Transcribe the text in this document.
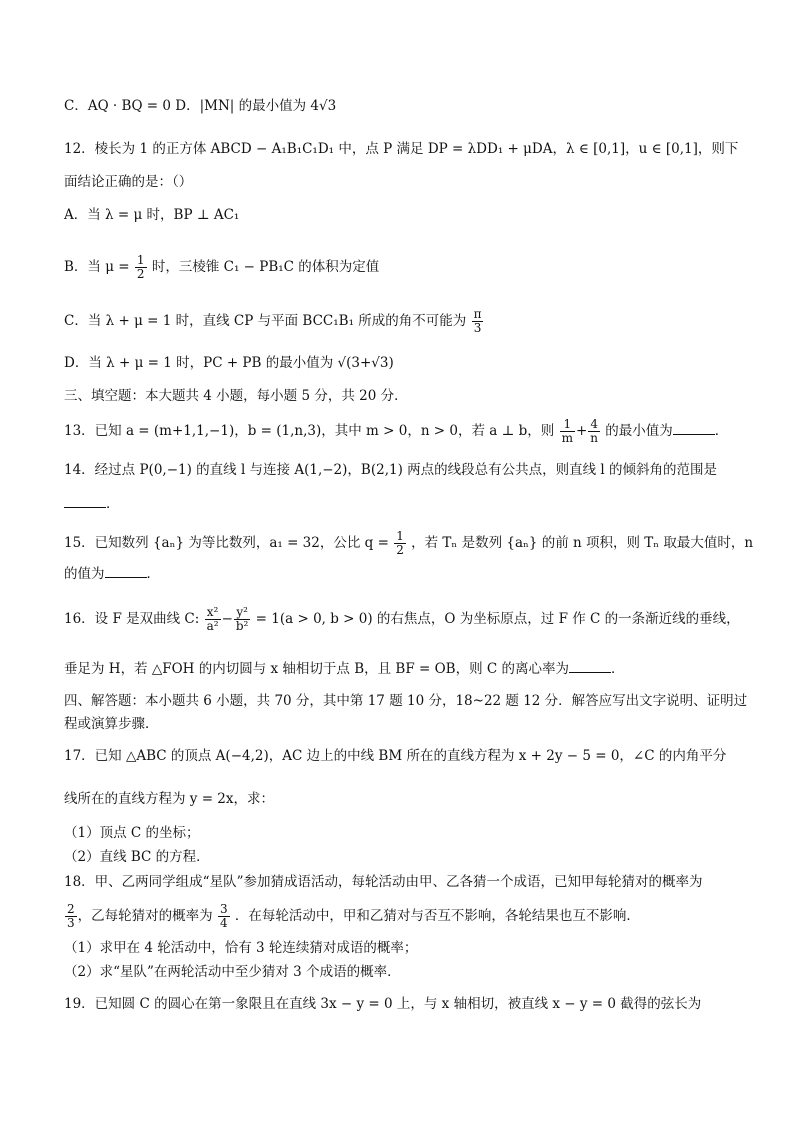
C．AQ · BQ = 0 D．|MN| 的最小值为 4√3
12．棱长为 1 的正方体 ABCD − A₁B₁C₁D₁ 中，点 P 满足 DP = λDD₁ + μDA，λ ∈ [0,1]，u ∈ [0,1]，则下
面结论正确的是：（）
A．当 λ = μ 时，BP ⊥ AC₁
B．当 $\mu = \frac{1}{2}$ 时，三棱锥 C₁ − PB₁C 的体积为定值
C．当 λ + μ = 1 时，直线 CP 与平面 BCC₁B₁ 所成的角不可能为 $\frac{\pi}{3}$
D．当 λ + μ = 1 时，PC + PB 的最小值为 √(3+√3)
三、填空题：本大题共 4 小题，每小题 5 分，共 20 分．
13．已知 a = (m+1,1,−1)，b = (1,n,3)，其中 m > 0，n > 0，若 a ⊥ b，则 $\frac{1}{m} + \frac{4}{n}$ 的最小值为	．
14．经过点 P(0,−1) 的直线 l 与连接 A(1,−2)，B(2,1) 两点的线段总有公共点，则直线 l 的倾斜角的范围是
．
15．已知数列 {aₙ} 为等比数列，a₁ = 32，公比 $q = \frac{1}{2}$ ，若 Tₙ 是数列 {aₙ} 的前 n 项积，则 Tₙ 取最大值时，n
的值为	．
16．设 F 是双曲线 C: $\frac{\text{x²}}{\text{a²}} - \frac{\text{y²}}{\text{b²}} = 1(a > 0$, b > 0) 的右焦点，O 为坐标原点，过 F 作 C 的一条渐近线的垂线，
垂足为 H，若 △FOH 的内切圆与 x 轴相切于点 B，且 BF = OB，则 C 的离心率为	．
四、解答题：本小题共 6 小题，共 70 分，其中第 17 题 10 分，18~22 题 12 分．解答应写出文字说明、证明过
程或演算步骤．
17．已知 △ABC 的顶点 A(−4,2)，AC 边上的中线 BM 所在的直线方程为 x + 2y − 5 = 0，∠C 的内角平分
线所在的直线方程为 y = 2x，求：
（1）顶点 C 的坐标；
（2）直线 BC 的方程．
18．甲、乙两同学组成“星队”参加猜成语活动，每轮活动由甲、乙各猜一个成语，已知甲每轮猜对的概率为
$\frac{2}{3}$ ，乙每轮猜对的概率为 $\frac{3}{4}$ ．在每轮活动中，甲和乙猜对与否互不影响，各轮结果也互不影响．
（1）求甲在 4 轮活动中，恰有 3 轮连续猜对成语的概率；
（2）求“星队”在两轮活动中至少猜对 3 个成语的概率．
19．已知圆 C 的圆心在第一象限且在直线 3x − y = 0 上，与 x 轴相切，被直线 x − y = 0 截得的弦长为
